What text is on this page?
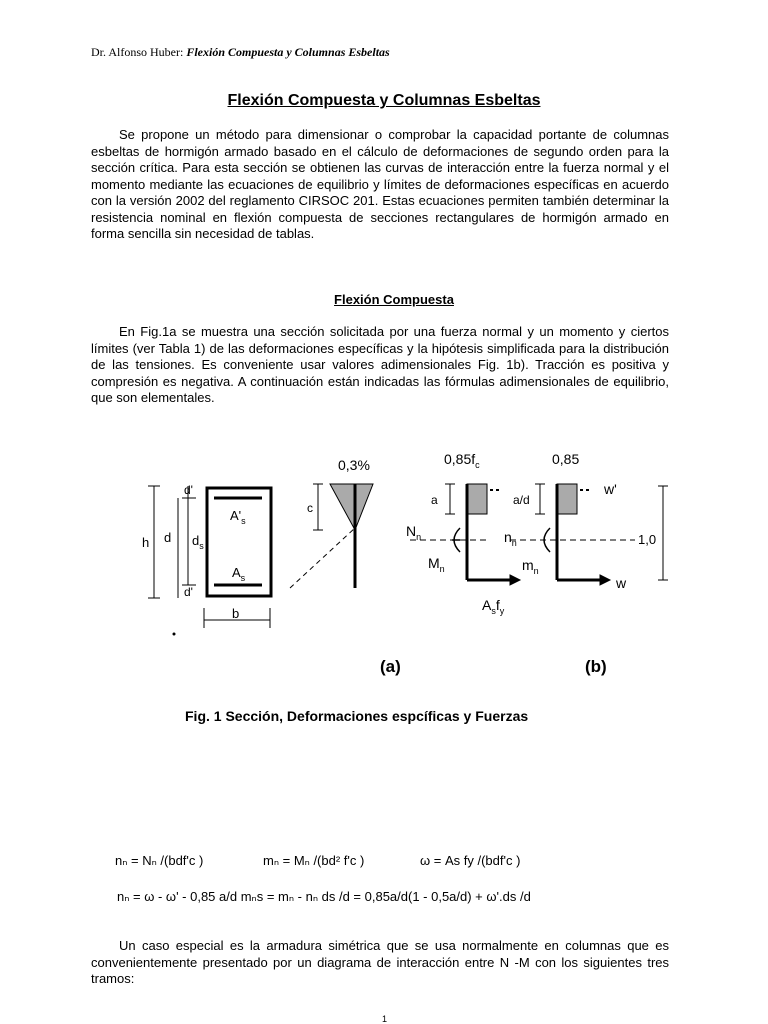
Dr. Alfonso Huber: Flexión Compuesta y Columnas Esbeltas
Flexión Compuesta y Columnas Esbeltas
Se propone un método para dimensionar o comprobar la capacidad portante de columnas esbeltas de hormigón armado basado en el cálculo de deformaciones de segundo orden para la sección crítica. Para esta sección se obtienen las curvas de interacción entre la fuerza normal y el momento mediante las ecuaciones de equilibrio y límites de deformaciones específicas en acuerdo con la versión 2002 del reglamento CIRSOC 201. Estas ecuaciones permiten también determinar la resistencia nominal en flexión compuesta de secciones rectangulares de hormigón armado en forma sencilla sin necesidad de tablas.
Flexión Compuesta
En Fig.1a se muestra una sección solicitada por una fuerza normal y un momento y ciertos límites (ver Tabla 1) de las deformaciones específicas y la hipótesis simplificada para la distribución de las tensiones. Es conveniente usar valores adimensionales Fig. 1b). Tracción es positiva y compresión es negativa. A continuación están indicadas las fórmulas adimensionales de equilibrio, que son elementales.
h d $d_s$
d'
d'
$A'_s$
$A_s$
b
0,3%
c
$0,85f_c$
a
$N_n$
$M_n$
$A_sf_y$
0,85
a/d
w'
$n_n$
$m_n$
1,0
w
(a)	(b)
Fig. 1 Sección, Deformaciones espcíficas y Fuerzas
nₙ = Nₙ /(bdf'c )	mₙ = Mₙ /(bd² f'c )	ω = As fy /(bdf'c )
nₙ = ω - ω' - 0,85 a/d mₙs = mₙ - nₙ ds /d = 0,85a/d(1 - 0,5a/d) + ω'.ds /d
Un caso especial es la armadura simétrica que se usa normalmente en columnas que es convenientemente presentado por un diagrama de interacción entre N -M con los siguientes tres tramos:
1
